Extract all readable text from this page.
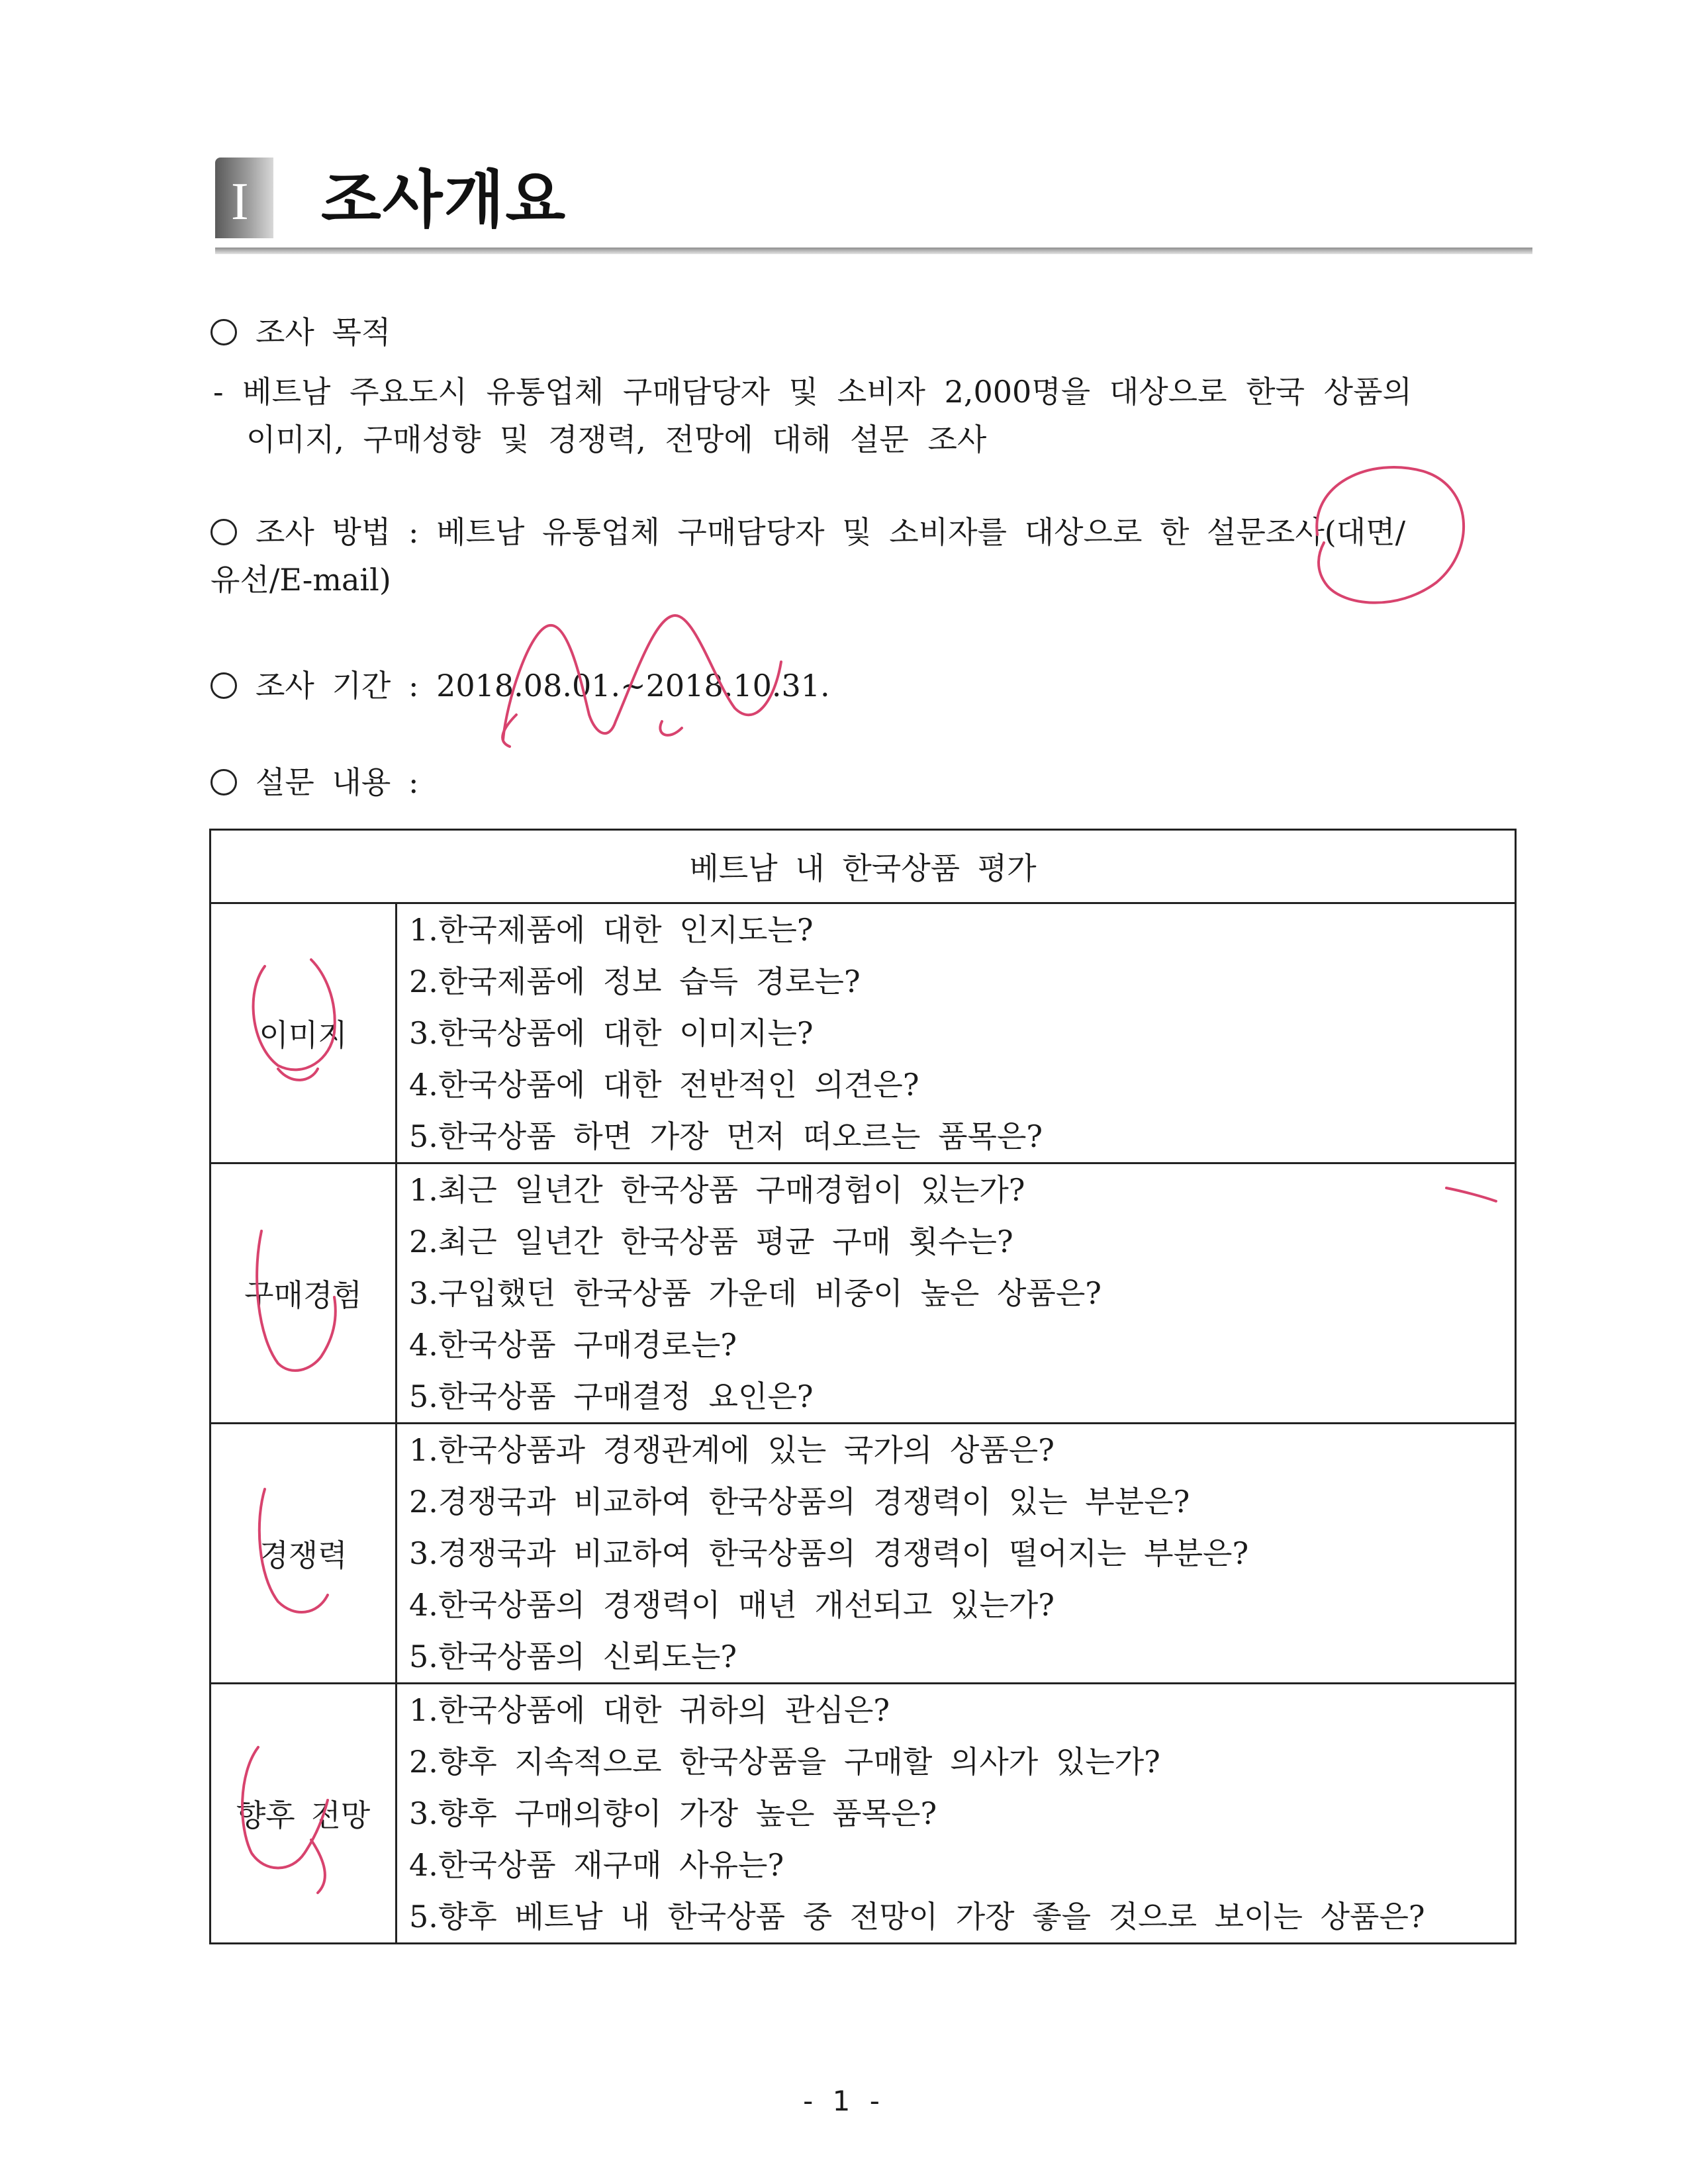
I 조사개요
조사 목적
- 베트남 주요도시 유통업체 구매담당자 및 소비자 2,000명을 대상으로 한국 상품의
이미지, 구매성향 및 경쟁력, 전망에 대해 설문 조사
조사 방법 : 베트남 유통업체 구매담당자 및 소비자를 대상으로 한 설문조사(대면/
유선/E-mail)
조사 기간 : 2018.08.01.~2018.10.31.
설문 내용 :
베트남 내 한국상품 평가	
이미지	1.한국제품에 대한 인지도는?
2.한국제품에 정보 습득 경로는?
3.한국상품에 대한 이미지는?
4.한국상품에 대한 전반적인 의견은?
5.한국상품 하면 가장 먼저 떠오르는 품목은?

구매경험	1.최근 일년간 한국상품 구매경험이 있는가?
2.최근 일년간 한국상품 평균 구매 횟수는?
3.구입했던 한국상품 가운데 비중이 높은 상품은?
4.한국상품 구매경로는?
5.한국상품 구매결정 요인은?

경쟁력	1.한국상품과 경쟁관계에 있는 국가의 상품은?
2.경쟁국과 비교하여 한국상품의 경쟁력이 있는 부분은?
3.경쟁국과 비교하여 한국상품의 경쟁력이 떨어지는 부분은?
4.한국상품의 경쟁력이 매년 개선되고 있는가?
5.한국상품의 신뢰도는?

향후 전망	1.한국상품에 대한 귀하의 관심은?
2.향후 지속적으로 한국상품을 구매할 의사가 있는가?
3.향후 구매의향이 가장 높은 품목은?
4.한국상품 재구매 사유는?
5.향후 베트남 내 한국상품 중 전망이 가장 좋을 것으로 보이는 상품은?
- 1 -
